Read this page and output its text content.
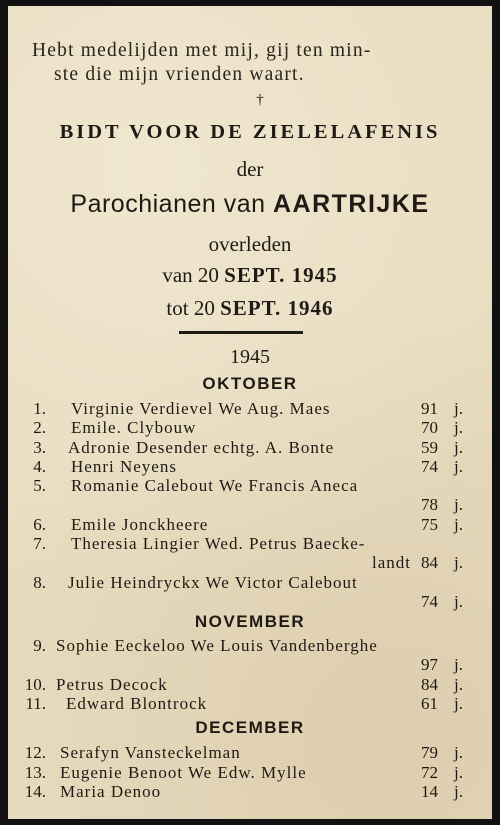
Hebt medelijden met mij, gij ten min-
ste die mijn vrienden waart.
†
BIDT VOOR DE ZIELELAFENIS
der
Parochianen van AARTRIJKE
overleden
van 20 SEPT. 1945
tot 20 SEPT. 1946
1945
OKTOBER
1. Virginie Verdievel We Aug. Maes	91 j.
2. Emile. Clybouw	70 j.
3. Adronie Desender echtg. A. Bonte	59 j.
4. Henri Neyens	74 j.
5. Romanie Calebout We Francis Aneca
78 j.
6. Emile Jonckheere	75 j.
7. Theresia Lingier Wed. Petrus Baecke-
landt 84 j.
8. Julie Heindryckx We Victor Calebout
74 j.
NOVEMBER
9. Sophie Eeckeloo We Louis Vandenberghe
97 j.
10. Petrus Decock	84 j.
11. Edward Blontrock	61 j.
DECEMBER
12. Serafyn Vansteckelman	79 j.
13. Eugenie Benoot We Edw. Mylle	72 j.
14. Maria Denoo	14 j.
